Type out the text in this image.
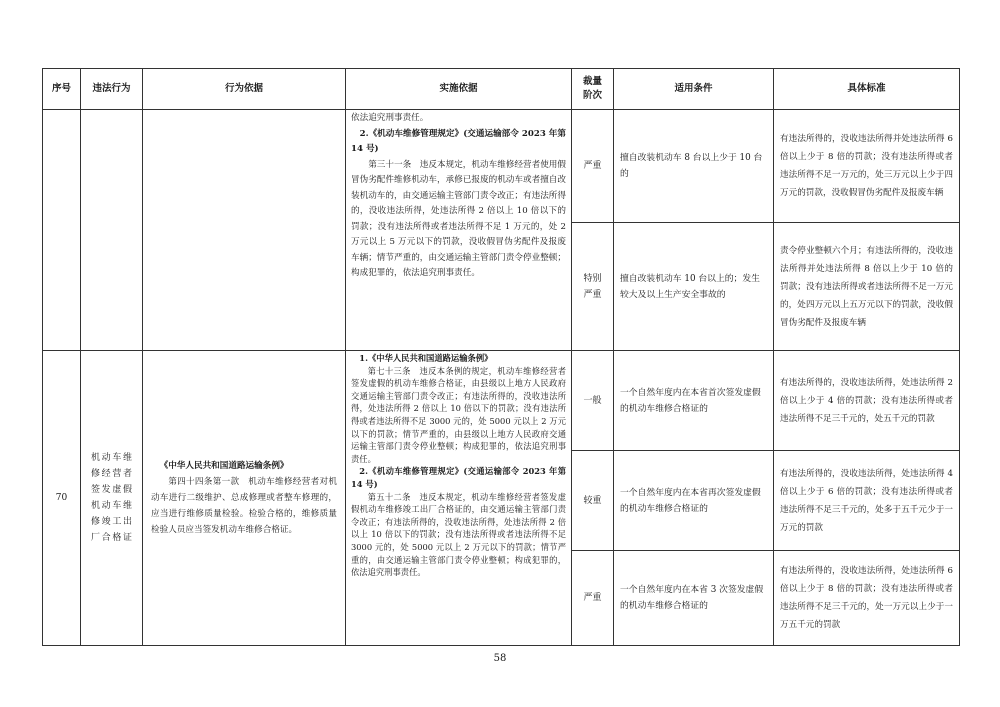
序号	违法行为	行为依据	实施依据	裁量阶次	适用条件	具体标准

			依法追究刑事责任。
2.《机动车维修管理规定》(交通运输部令 2023 年第 14 号)
第三十一条　违反本规定，机动车维修经营者使用假冒伪劣配件维修机动车，承修已报废的机动车或者擅自改装机动车的，由交通运输主管部门责令改正；有违法所得的，没收违法所得，处违法所得 2 倍以上 10 倍以下的罚款；没有违法所得或者违法所得不足 1 万元的，处 2 万元以上 5 万元以下的罚款，没收假冒伪劣配件及报废车辆；情节严重的，由交通运输主管部门责令停业整顿；构成犯罪的，依法追究刑事责任。	严重	擅自改装机动车 8 台以上少于 10 台的	有违法所得的，没收违法所得并处违法所得 6 倍以上少于 8 倍的罚款；没有违法所得或者违法所得不足一万元的，处三万元以上少于四万元的罚款，没收假冒伪劣配件及报废车辆

				特别严重	擅自改装机动车 10 台以上的；发生较大及以上生产安全事故的	责令停业整顿六个月；有违法所得的，没收违法所得并处违法所得 8 倍以上少于 10 倍的罚款；没有违法所得或者违法所得不足一万元的，处四万元以上五万元以下的罚款，没收假冒伪劣配件及报废车辆

70	机动车维修经营者签发虚假机动车维修竣工出厂合格证	《中华人民共和国道路运输条例》
第四十四条第一款　机动车维修经营者对机动车进行二级维护、总成修理或者整车修理的，应当进行维修质量检验。检验合格的，维修质量检验人员应当签发机动车维修合格证。	1.《中华人民共和国道路运输条例》
第七十三条　违反本条例的规定，机动车维修经营者签发虚假的机动车维修合格证，由县级以上地方人民政府交通运输主管部门责令改正；有违法所得的，没收违法所得，处违法所得 2 倍以上 10 倍以下的罚款；没有违法所得或者违法所得不足 3000 元的，处 5000 元以上 2 万元以下的罚款；情节严重的，由县级以上地方人民政府交通运输主管部门责令停业整顿；构成犯罪的，依法追究刑事责任。
2.《机动车维修管理规定》(交通运输部令 2023 年第 14 号)
第五十二条　违反本规定，机动车维修经营者签发虚假机动车维修竣工出厂合格证的，由交通运输主管部门责令改正；有违法所得的，没收违法所得，处违法所得 2 倍以上 10 倍以下的罚款；没有违法所得或者违法所得不足 3000 元的，处 5000 元以上 2 万元以下的罚款；情节严重的，由交通运输主管部门责令停业整顿；构成犯罪的，依法追究刑事责任。	一般	一个自然年度内在本省首次签发虚假的机动车维修合格证的	有违法所得的，没收违法所得，处违法所得 2 倍以上少于 4 倍的罚款；没有违法所得或者违法所得不足三千元的，处五千元的罚款

				较重	一个自然年度内在本省再次签发虚假的机动车维修合格证的	有违法所得的，没收违法所得，处违法所得 4 倍以上少于 6 倍的罚款；没有违法所得或者违法所得不足三千元的，处多于五千元少于一万元的罚款

				严重	一个自然年度内在本省 3 次签发虚假的机动车维修合格证的	有违法所得的，没收违法所得，处违法所得 6 倍以上少于 8 倍的罚款；没有违法所得或者违法所得不足三千元的，处一万元以上少于一万五千元的罚款
58
